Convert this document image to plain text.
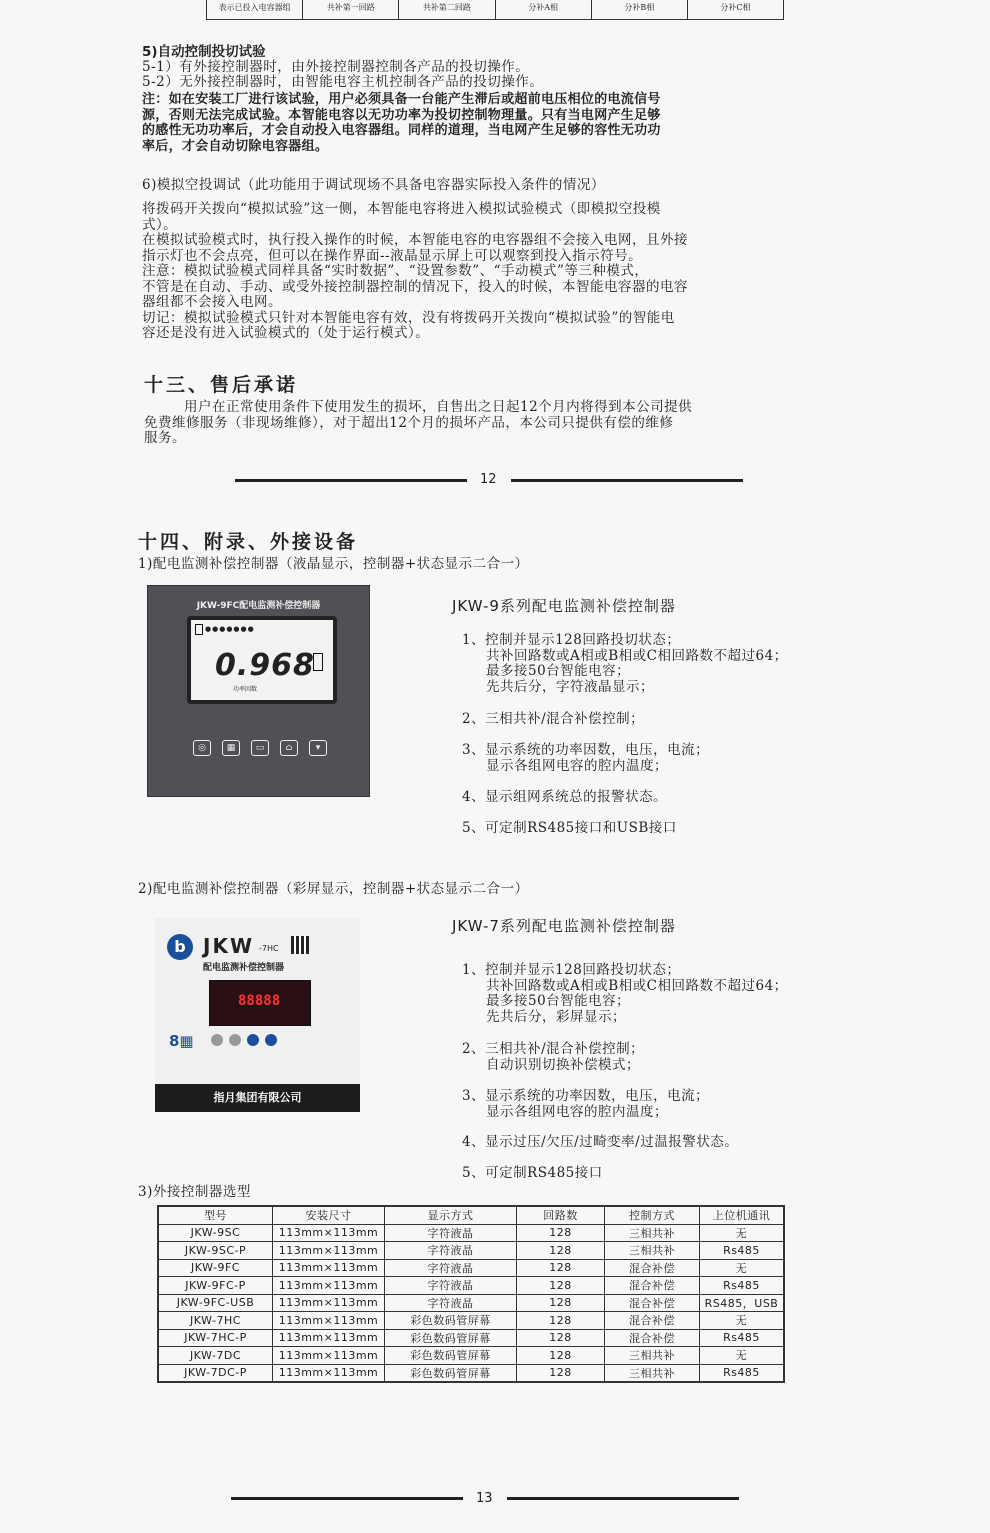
表示已投入电容器组	共补第一回路	共补第二回路	分补A相	分补B相	分补C相
5)自动控制投切试验
5-1）有外接控制器时，由外接控制器控制各产品的投切操作。
5-2）无外接控制器时，由智能电容主机控制各产品的投切操作。
注：如在安装工厂进行该试验，用户必须具备一台能产生滞后或超前电压相位的电流信号
源，否则无法完成试验。本智能电容以无功功率为投切控制物理量。只有当电网产生足够
的感性无功功率后，才会自动投入电容器组。同样的道理，当电网产生足够的容性无功功
率后，才会自动切除电容器组。
6)模拟空投调试（此功能用于调试现场不具备电容器实际投入条件的情况）
将拨码开关拨向“模拟试验”这一侧，本智能电容将进入模拟试验模式（即模拟空投模
式）。
在模拟试验模式时，执行投入操作的时候，本智能电容的电容器组不会接入电网，且外接
指示灯也不会点亮，但可以在操作界面--液晶显示屏上可以观察到投入指示符号。
注意：模拟试验模式同样具备“实时数据”、“设置参数”、“手动模式”等三种模式，
不管是在自动、手动、或受外接控制器控制的情况下，投入的时候，本智能电容器的电容
器组都不会接入电网。
切记：模拟试验模式只针对本智能电容有效，没有将拨码开关拨向“模拟试验”的智能电
容还是没有进入试验模式的（处于运行模式）。
十三、售后承诺
用户在正常使用条件下使用发生的损坏，自售出之日起12个月内将得到本公司提供
免费维修服务（非现场维修），对于超出12个月的损坏产品，本公司只提供有偿的维修
服务。
12
十四、附录、外接设备
1)配电监测补偿控制器（液晶显示，控制器+状态显示二合一）
JKW-9FC配电监测补偿控制器
●●●●●●●
0.968
功率因数
◎	▦	▭	⌂	▾
JKW-9系列配电监测补偿控制器
1、控制并显示128回路投切状态；
共补回路数或A相或B相或C相回路数不超过64；
最多接50台智能电容；
先共后分，字符液晶显示；
2、三相共补/混合补偿控制；
3、显示系统的功率因数，电压，电流；
显示各组网电容的腔内温度；
4、显示组网系统总的报警状态。
5、可定制RS485接口和USB接口
2)配电监测补偿控制器（彩屏显示，控制器+状态显示二合一）
b JKW -7HC
配电监测补偿控制器
88888
8▦
指月集团有限公司
JKW-7系列配电监测补偿控制器
1、控制并显示128回路投切状态；
共补回路数或A相或B相或C相回路数不超过64；
最多接50台智能电容；
先共后分，彩屏显示；
2、三相共补/混合补偿控制；
自动识别切换补偿模式；
3、显示系统的功率因数，电压，电流；
显示各组网电容的腔内温度；
4、显示过压/欠压/过畸变率/过温报警状态。
5、可定制RS485接口
3)外接控制器选型
型号	安装尺寸	显示方式	回路数	控制方式	上位机通讯
JKW-9SC	113mm×113mm	字符液晶	128	三相共补	无
JKW-9SC-P	113mm×113mm	字符液晶	128	三相共补	Rs485
JKW-9FC	113mm×113mm	字符液晶	128	混合补偿	无
JKW-9FC-P	113mm×113mm	字符液晶	128	混合补偿	Rs485
JKW-9FC-USB	113mm×113mm	字符液晶	128	混合补偿	RS485，USB
JKW-7HC	113mm×113mm	彩色数码管屏幕	128	混合补偿	无
JKW-7HC-P	113mm×113mm	彩色数码管屏幕	128	混合补偿	Rs485
JKW-7DC	113mm×113mm	彩色数码管屏幕	128	三相共补	无
JKW-7DC-P	113mm×113mm	彩色数码管屏幕	128	三相共补	Rs485
13
